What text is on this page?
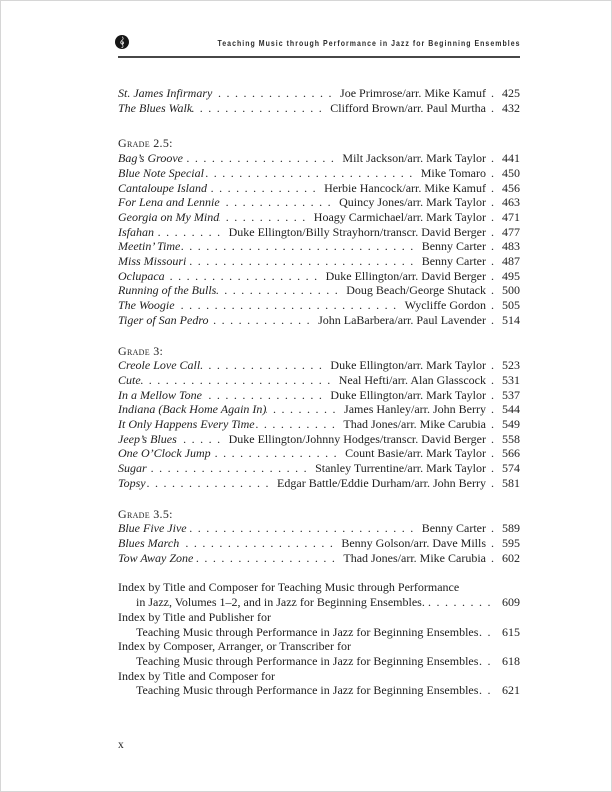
Teaching Music through Performance in Jazz for Beginning Ensembles
St. James Infirmary .....	Joe Primrose/arr. Mike Kamuf . 425
The Blues Walk .....	Clifford Brown/arr. Paul Murtha . 432
Grade 2.5:
Bag’s Groove .....	Milt Jackson/arr. Mark Taylor . 441
Blue Note Special .....	Mike Tomaro . 450
Cantaloupe Island .....	Herbie Hancock/arr. Mike Kamuf . 456
For Lena and Lennie .....	Quincy Jones/arr. Mark Taylor . 463
Georgia on My Mind .....	Hoagy Carmichael/arr. Mark Taylor . 471
Isfahan .....	Duke Ellington/Billy Strayhorn/transcr. David Berger . 477
Meetin’ Time .....	Benny Carter . 483
Miss Missouri .....	Benny Carter . 487
Oclupaca .....	Duke Ellington/arr. David Berger . 495
Running of the Bulls .....	Doug Beach/George Shutack . 500
The Woogie .....	Wycliffe Gordon . 505
Tiger of San Pedro .....	John LaBarbera/arr. Paul Lavender . 514
Grade 3:
Creole Love Call .....	Duke Ellington/arr. Mark Taylor . 523
Cute .....	Neal Hefti/arr. Alan Glasscock . 531
In a Mellow Tone .....	Duke Ellington/arr. Mark Taylor . 537
Indiana (Back Home Again In) .....	James Hanley/arr. John Berry . 544
It Only Happens Every Time .....	Thad Jones/arr. Mike Carubia . 549
Jeep’s Blues .....	Duke Ellington/Johnny Hodges/transcr. David Berger . 558
One O’Clock Jump .....	Count Basie/arr. Mark Taylor . 566
Sugar .....	Stanley Turrentine/arr. Mark Taylor . 574
Topsy .....	Edgar Battle/Eddie Durham/arr. John Berry . 581
Grade 3.5:
Blue Five Jive .....	Benny Carter . 589
Blues March .....	Benny Golson/arr. Dave Mills . 595
Tow Away Zone .....	Thad Jones/arr. Mike Carubia . 602
Index by Title and Composer for Teaching Music through Performance
in Jazz, Volumes 1–2, and in Jazz for Beginning Ensembles. .....	609
Index by Title and Publisher for
Teaching Music through Performance in Jazz for Beginning Ensembles ..... 615
Index by Composer, Arranger, or Transcriber for
Teaching Music through Performance in Jazz for Beginning Ensembles ..... 618
Index by Title and Composer for
Teaching Music through Performance in Jazz for Beginning Ensembles ..... 621
x
